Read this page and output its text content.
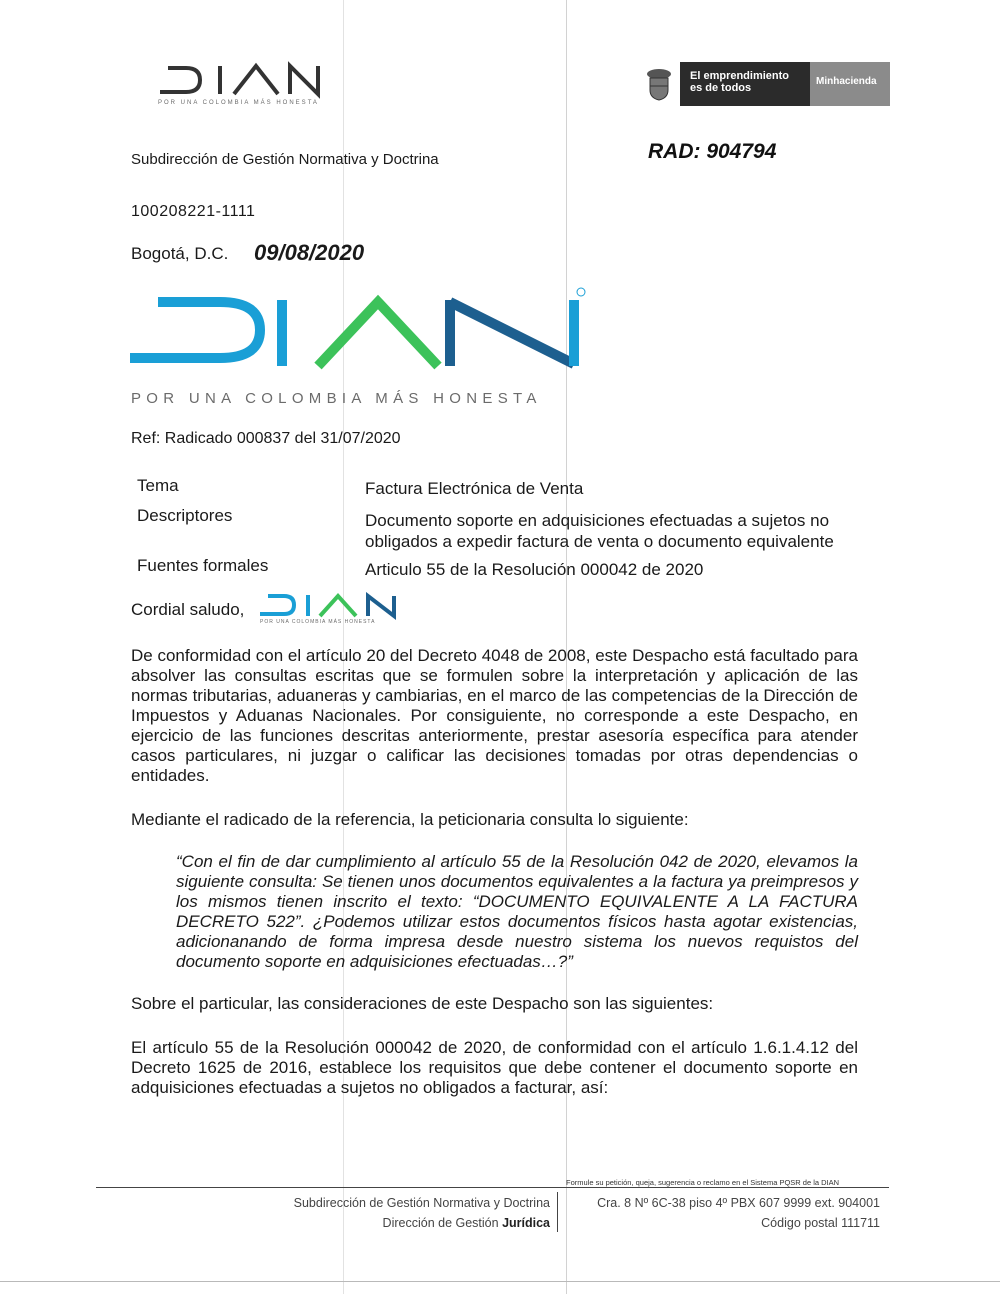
POR UNA COLOMBIA MÁS HONESTA
El emprendimiento
es de todos
Minhacienda
RAD: 904794
Subdirección de Gestión Normativa y Doctrina
100208221-1111
Bogotá, D.C. 09/08/2020
POR UNA COLOMBIA MÁS HONESTA
Ref: Radicado 000837 del 31/07/2020
Tema	Factura Electrónica de Venta
Descriptores	Documento soporte en adquisiciones efectuadas a sujetos no obligados a expedir factura de venta o documento equivalente
Fuentes formales	Articulo 55 de la Resolución 000042 de 2020
Cordial saludo,
POR UNA COLOMBIA MÁS HONESTA
De conformidad con el artículo 20 del Decreto 4048 de 2008, este Despacho está facultado para absolver las consultas escritas que se formulen sobre la interpretación y aplicación de las normas tributarias, aduaneras y cambiarias, en el marco de las competencias de la Dirección de Impuestos y Aduanas Nacionales. Por consiguiente, no corresponde a este Despacho, en ejercicio de las funciones descritas anteriormente, prestar asesoría específica para atender casos particulares, ni juzgar o calificar las decisiones tomadas por otras dependencias o entidades.
Mediante el radicado de la referencia, la peticionaria consulta lo siguiente:
“Con el fin de dar cumplimiento al artículo 55 de la Resolución 042 de 2020, elevamos la siguiente consulta: Se tienen unos documentos equivalentes a la factura ya preimpresos y los mismos tienen inscrito el texto: “DOCUMENTO EQUIVALENTE A LA FACTURA DECRETO 522”. ¿Podemos utilizar estos documentos físicos hasta agotar existencias, adicionanando de forma impresa desde nuestro sistema los nuevos requistos del documento soporte en adquisiciones efectuadas…?”
Sobre el particular, las consideraciones de este Despacho son las siguientes:
El artículo 55 de la Resolución 000042 de 2020, de conformidad con el artículo 1.6.1.4.12 del Decreto 1625 de 2016, establece los requisitos que debe contener el documento soporte en adquisiciones efectuadas a sujetos no obligados a facturar, así:
Formule su petición, queja, sugerencia o reclamo en el Sistema PQSR de la DIAN
Subdirección de Gestión Normativa y Doctrina
Dirección de Gestión Jurídica
Cra. 8 Nº 6C-38 piso 4º PBX 607 9999 ext. 904001
Código postal 111711
